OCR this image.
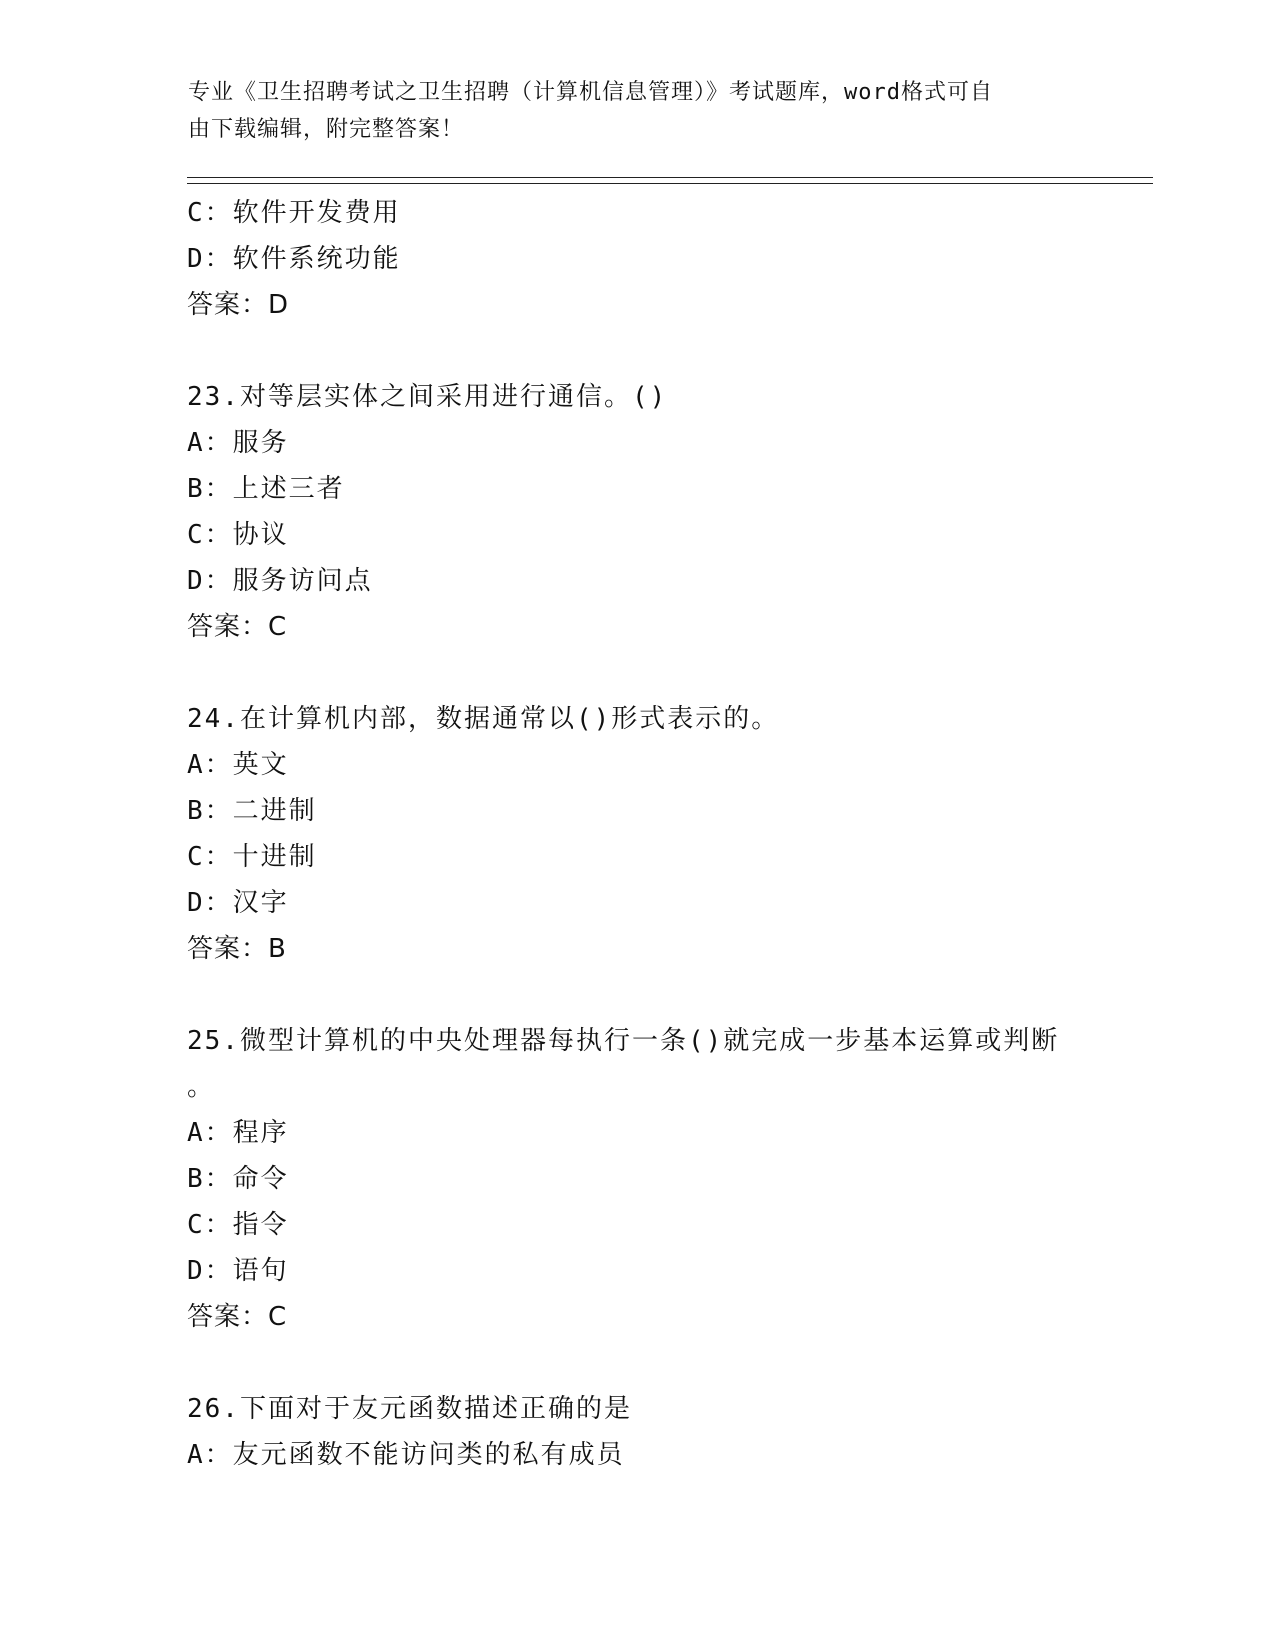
专业《卫生招聘考试之卫生招聘（计算机信息管理）》考试题库，word格式可自
由下载编辑，附完整答案！
C：软件开发费用
D：软件系统功能
答案：D
23.对等层实体之间采用进行通信。()
A：服务
B：上述三者
C：协议
D：服务访问点
答案：C
24.在计算机内部，数据通常以()形式表示的。
A：英文
B：二进制
C：十进制
D：汉字
答案：B
25.微型计算机的中央处理器每执行一条()就完成一步基本运算或判断
。
A：程序
B：命令
C：指令
D：语句
答案：C
26.下面对于友元函数描述正确的是
A：友元函数不能访问类的私有成员
